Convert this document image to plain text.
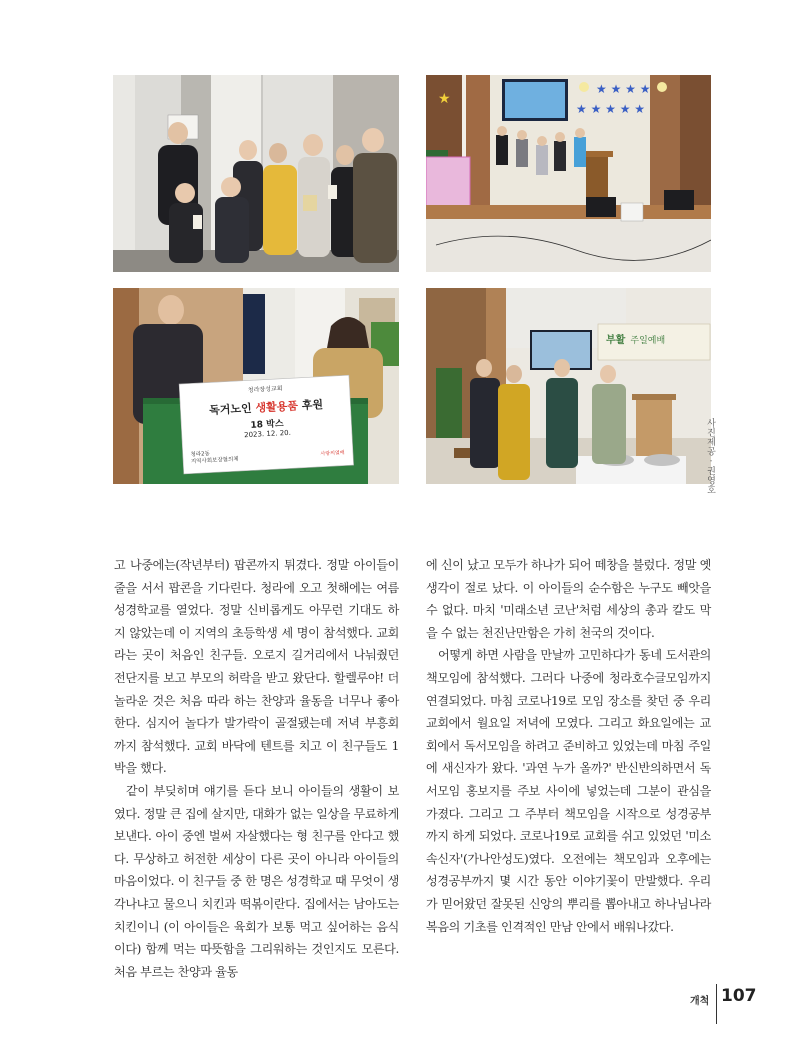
★
★ ★ ★ ★
★ ★ ★ ★ ★
청라장성교회
독거노인 생활용품 후원
18 박스
2023. 12. 20.
청라2동
지역사회보장협의체
사랑의열매
부활 주일예배
사진제공 · 권영호

고 나중에는(작년부터) 팝콘까지 튀겼다. 정말 아이들이 줄을 서서 팝콘을 기다린다. 청라에 오고 첫해에는 여름성경학교를 열었다. 정말 신비롭게도 아무런 기대도 하지 않았는데 이 지역의 초등학생 세 명이 참석했다. 교회라는 곳이 처음인 친구들. 오로지 길거리에서 나눠줬던 전단지를 보고 부모의 허락을 받고 왔단다. 할렐루야! 더 놀라운 것은 처음 따라 하는 찬양과 율동을 너무나 좋아한다. 심지어 놀다가 발가락이 골절됐는데 저녁 부흥회까지 참석했다. 교회 바닥에 텐트를 치고 이 친구들도 1박을 했다.

같이 부딪히며 얘기를 듣다 보니 아이들의 생활이 보였다. 정말 큰 집에 살지만, 대화가 없는 일상을 무료하게 보낸다. 아이 중엔 벌써 자살했다는 형 친구를 안다고 했다. 무상하고 허전한 세상이 다른 곳이 아니라 아이들의 마음이었다. 이 친구들 중 한 명은 성경학교 때 무엇이 생각나냐고 물으니 치킨과 떡볶이란다. 집에서는 남아도는 치킨이니 (이 아이들은 육회가 보통 먹고 싶어하는 음식이다) 함께 먹는 따뜻함을 그리워하는 것인지도 모른다. 처음 부르는 찬양과 율동

에 신이 났고 모두가 하나가 되어 떼창을 불렀다. 정말 옛 생각이 절로 났다. 이 아이들의 순수함은 누구도 빼앗을 수 없다. 마치 '미래소년 코난'처럼 세상의 총과 칼도 막을 수 없는 천진난만함은 가히 천국의 것이다.

어떻게 하면 사람을 만날까 고민하다가 동네 도서관의 책모임에 참석했다. 그러다 나중에 청라호수글모임까지 연결되었다. 마침 코로나19로 모임 장소를 찾던 중 우리 교회에서 월요일 저녁에 모였다. 그리고 화요일에는 교회에서 독서모임을 하려고 준비하고 있었는데 마침 주일에 새신자가 왔다. '과연 누가 올까?' 반신반의하면서 독서모임 홍보지를 주보 사이에 넣었는데 그분이 관심을 가졌다. 그리고 그 주부터 책모임을 시작으로 성경공부까지 하게 되었다. 코로나19로 교회를 쉬고 있었던 '미소속신자'(가나안성도)였다. 오전에는 책모임과 오후에는 성경공부까지 몇 시간 동안 이야기꽃이 만발했다. 우리가 믿어왔던 잘못된 신앙의 뿌리를 뽑아내고 하나님나라 복음의 기초를 인격적인 만남 안에서 배워나갔다.

개척 107
